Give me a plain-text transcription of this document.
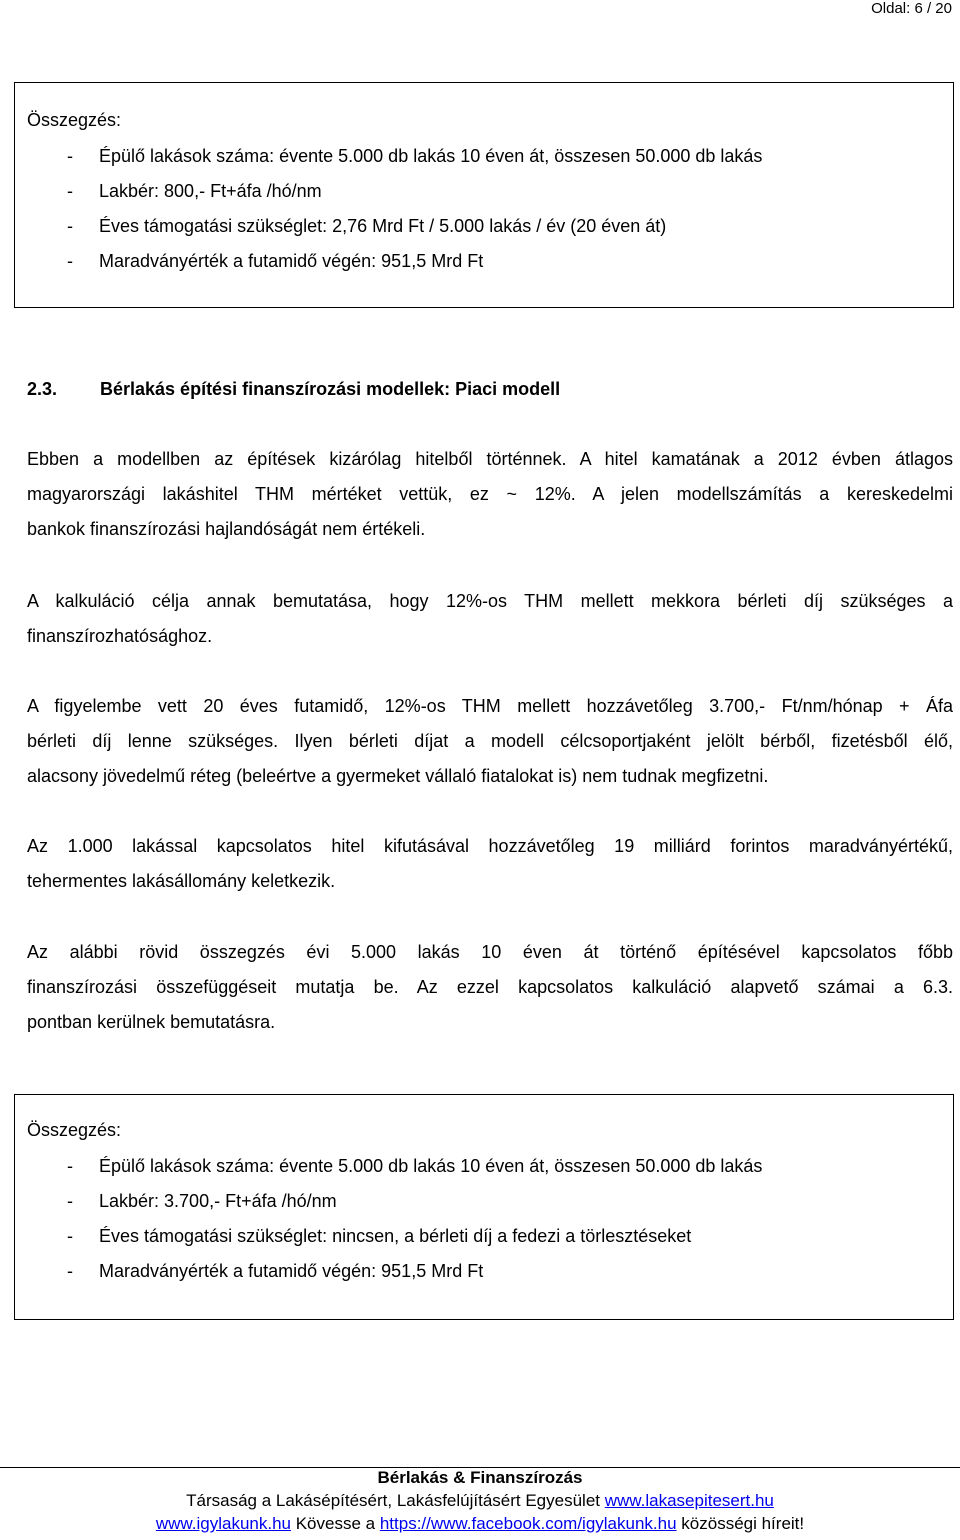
Oldal: 6 / 20
Összegzés:
- Épülő lakások száma: évente 5.000 db lakás 10 éven át, összesen 50.000 db lakás
- Lakbér: 800,- Ft+áfa /hó/nm
- Éves támogatási szükséglet: 2,76 Mrd Ft / 5.000 lakás / év (20 éven át)
- Maradványérték a futamidő végén: 951,5 Mrd Ft
2.3. Bérlakás építési finanszírozási modellek: Piaci modell

Ebben a modellben az építések kizárólag hitelből történnek. A hitel kamatának a 2012 évben átlagos
magyarországi lakáshitel THM mértéket vettük, ez ~ 12%. A jelen modellszámítás a kereskedelmi
bankok finanszírozási hajlandóságát nem értékeli.

A kalkuláció célja annak bemutatása, hogy 12%-os THM mellett mekkora bérleti díj szükséges a
finanszírozhatósághoz.

A figyelembe vett 20 éves futamidő, 12%-os THM mellett hozzávetőleg 3.700,- Ft/nm/hónap + Áfa
bérleti díj lenne szükséges. Ilyen bérleti díjat a modell célcsoportjaként jelölt bérből, fizetésből élő,
alacsony jövedelmű réteg (beleértve a gyermeket vállaló fiatalokat is) nem tudnak megfizetni.

Az 1.000 lakással kapcsolatos hitel kifutásával hozzávetőleg 19 milliárd forintos maradványértékű,
tehermentes lakásállomány keletkezik.

Az alábbi rövid összegzés évi 5.000 lakás 10 éven át történő építésével kapcsolatos főbb
finanszírozási összefüggéseit mutatja be. Az ezzel kapcsolatos kalkuláció alapvető számai a 6.3.
pontban kerülnek bemutatásra.

Összegzés:
- Épülő lakások száma: évente 5.000 db lakás 10 éven át, összesen 50.000 db lakás
- Lakbér: 3.700,- Ft+áfa /hó/nm
- Éves támogatási szükséglet: nincsen, a bérleti díj a fedezi a törlesztéseket
- Maradványérték a futamidő végén: 951,5 Mrd Ft
Bérlakás & Finanszírozás
Társaság a Lakásépítésért, Lakásfelújításért Egyesület www.lakasepitesert.hu
www.igylakunk.hu Kövesse a https://www.facebook.com/igylakunk.hu közösségi híreit!
